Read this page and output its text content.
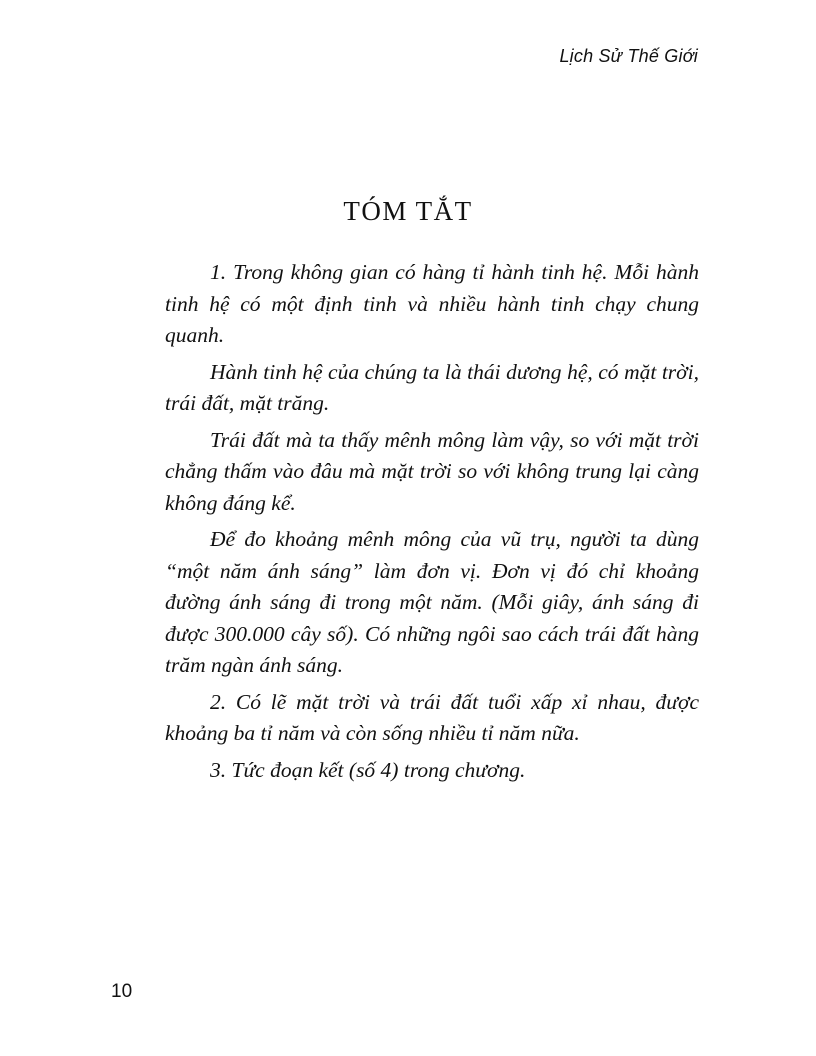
Lịch Sử Thế Giới
TÓM TẮT

1. Trong không gian có hàng tỉ hành tinh hệ. Mỗi hành tinh hệ có một định tinh và nhiều hành tinh chạy chung quanh.

Hành tinh hệ của chúng ta là thái dương hệ, có mặt trời, trái đất, mặt trăng.

Trái đất mà ta thấy mênh mông làm vậy, so với mặt trời chẳng thấm vào đâu mà mặt trời so với không trung lại càng không đáng kể.

Để đo khoảng mênh mông của vũ trụ, người ta dùng “một năm ánh sáng” làm đơn vị. Đơn vị đó chỉ khoảng đường ánh sáng đi trong một năm. (Mỗi giây, ánh sáng đi được 300.000 cây số). Có những ngôi sao cách trái đất hàng trăm ngàn ánh sáng.

2. Có lẽ mặt trời và trái đất tuổi xấp xỉ nhau, được khoảng ba tỉ năm và còn sống nhiều tỉ năm nữa.

3. Tức đoạn kết (số 4) trong chương.

10
